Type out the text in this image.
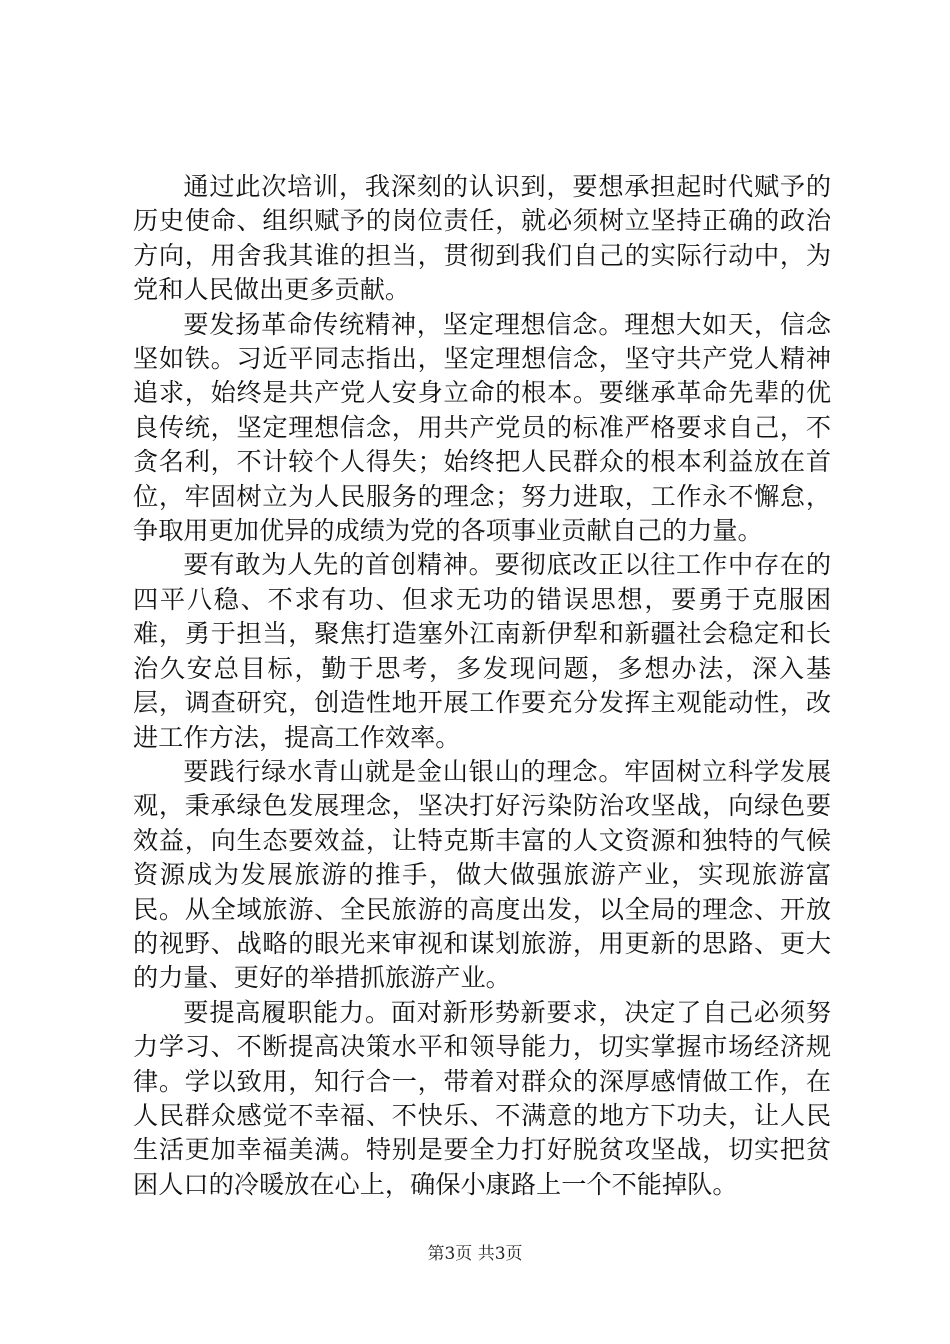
通过此次培训，我深刻的认识到，要想承担起时代赋予的历史使命、组织赋予的岗位责任，就必须树立坚持正确的政治方向，用舍我其谁的担当，贯彻到我们自己的实际行动中，为党和人民做出更多贡献。

要发扬革命传统精神，坚定理想信念。理想大如天，信念坚如铁。习近平同志指出，坚定理想信念，坚守共产党人精神追求，始终是共产党人安身立命的根本。要继承革命先辈的优良传统，坚定理想信念，用共产党员的标准严格要求自己，不贪名利，不计较个人得失；始终把人民群众的根本利益放在首位，牢固树立为人民服务的理念；努力进取，工作永不懈怠，争取用更加优异的成绩为党的各项事业贡献自己的力量。

要有敢为人先的首创精神。要彻底改正以往工作中存在的四平八稳、不求有功、但求无功的错误思想，要勇于克服困难，勇于担当，聚焦打造塞外江南新伊犁和新疆社会稳定和长治久安总目标，勤于思考，多发现问题，多想办法，深入基层，调查研究，创造性地开展工作要充分发挥主观能动性，改进工作方法，提高工作效率。

要践行绿水青山就是金山银山的理念。牢固树立科学发展观，秉承绿色发展理念，坚决打好污染防治攻坚战，向绿色要效益，向生态要效益，让特克斯丰富的人文资源和独特的气候资源成为发展旅游的推手，做大做强旅游产业，实现旅游富民。从全域旅游、全民旅游的高度出发，以全局的理念、开放的视野、战略的眼光来审视和谋划旅游，用更新的思路、更大的力量、更好的举措抓旅游产业。

要提高履职能力。面对新形势新要求，决定了自己必须努力学习、不断提高决策水平和领导能力，切实掌握市场经济规律。学以致用，知行合一，带着对群众的深厚感情做工作，在人民群众感觉不幸福、不快乐、不满意的地方下功夫，让人民生活更加幸福美满。特别是要全力打好脱贫攻坚战，切实把贫困人口的冷暖放在心上，确保小康路上一个不能掉队。

第3页 共3页
